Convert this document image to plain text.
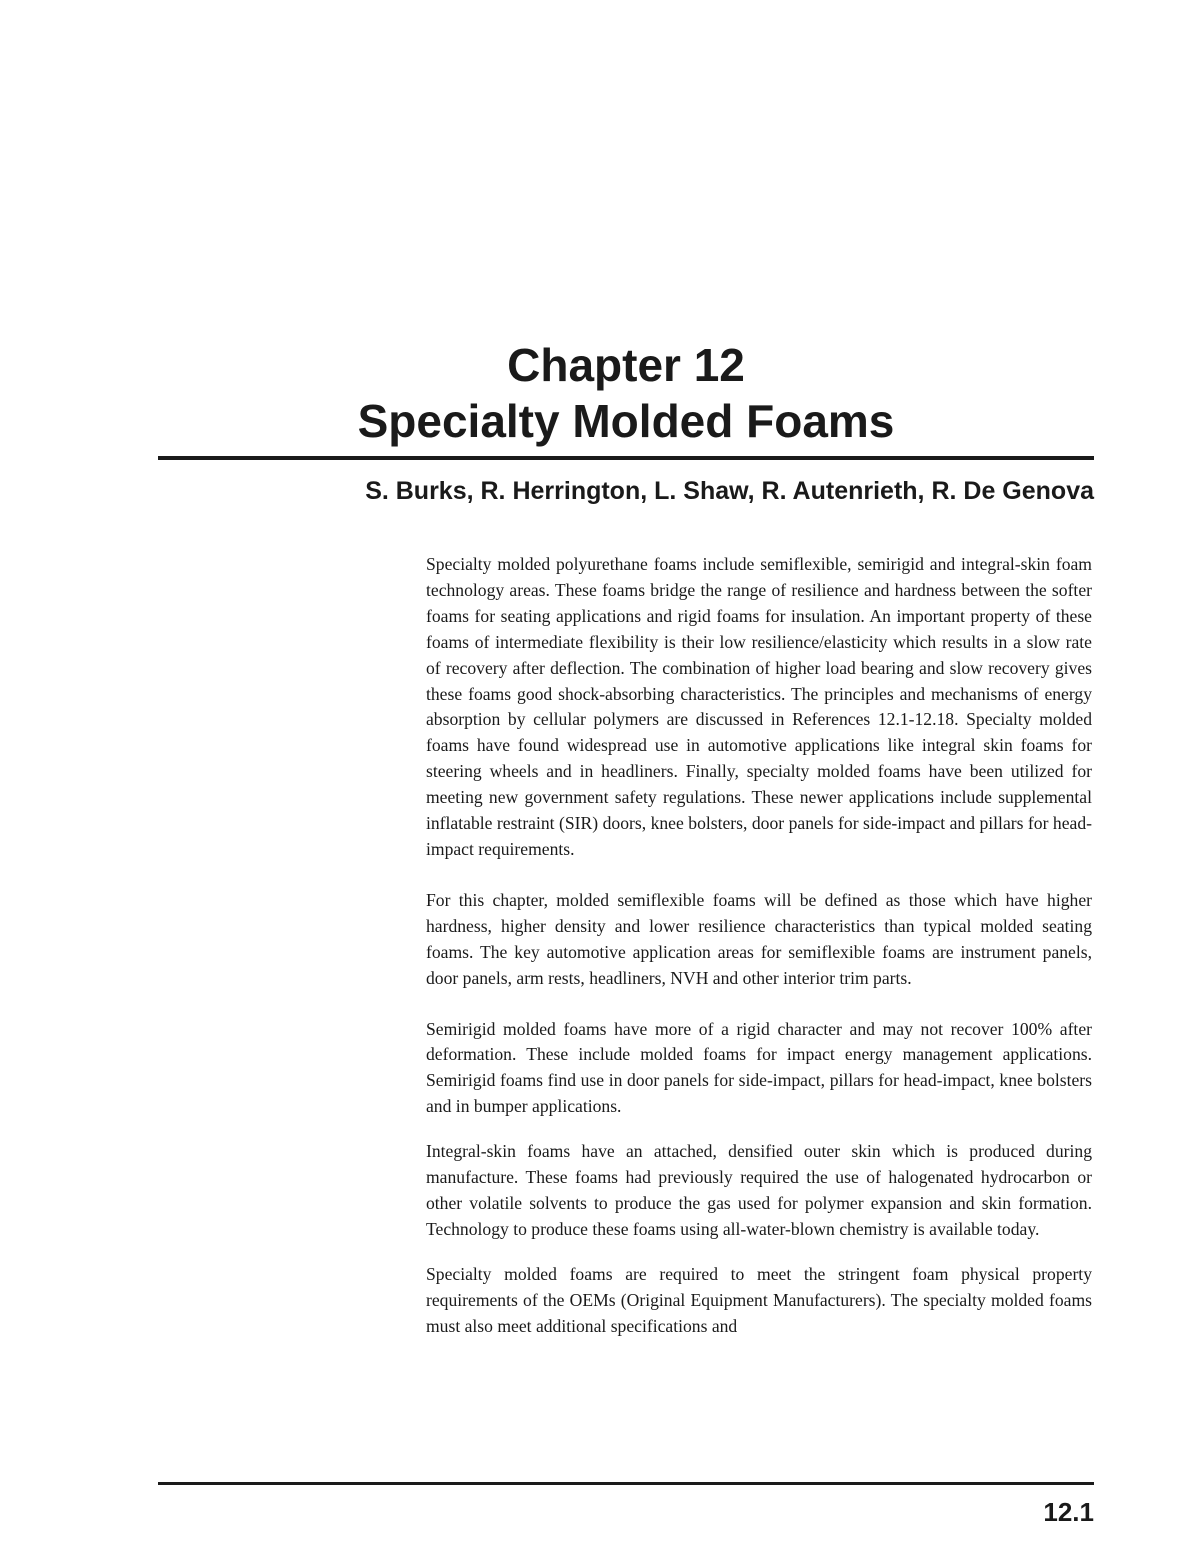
Chapter 12
Specialty Molded Foams
S. Burks, R. Herrington, L. Shaw, R. Autenrieth, R. De Genova

Specialty molded polyurethane foams include semiflexible, semirigid and integral-skin foam technology areas. These foams bridge the range of resilience and hardness between the softer foams for seating applications and rigid foams for insulation. An important property of these foams of intermediate flexibility is their low resilience/elasticity which results in a slow rate of recovery after deflection. The combination of higher load bearing and slow recovery gives these foams good shock-absorbing characteristics. The principles and mechanisms of energy absorption by cellular polymers are discussed in References 12.1-12.18. Specialty molded foams have found widespread use in automotive applications like integral skin foams for steering wheels and in headliners. Finally, specialty molded foams have been utilized for meeting new government safety regulations. These newer applications include supplemental inflatable restraint (SIR) doors, knee bolsters, door panels for side-impact and pillars for head-impact requirements.

For this chapter, molded semiflexible foams will be defined as those which have higher hardness, higher density and lower resilience characteristics than typical molded seating foams. The key automotive application areas for semiflexible foams are instrument panels, door panels, arm rests, headliners, NVH and other interior trim parts.

Semirigid molded foams have more of a rigid character and may not recover 100% after deformation. These include molded foams for impact energy management applications. Semirigid foams find use in door panels for side-impact, pillars for head-impact, knee bolsters and in bumper applications.

Integral-skin foams have an attached, densified outer skin which is produced during manufacture. These foams had previously required the use of halogenated hydrocarbon or other volatile solvents to produce the gas used for polymer expansion and skin formation. Technology to produce these foams using all-water-blown chemistry is available today.

Specialty molded foams are required to meet the stringent foam physical property requirements of the OEMs (Original Equipment Manufacturers). The specialty molded foams must also meet additional specifications and

12.1
